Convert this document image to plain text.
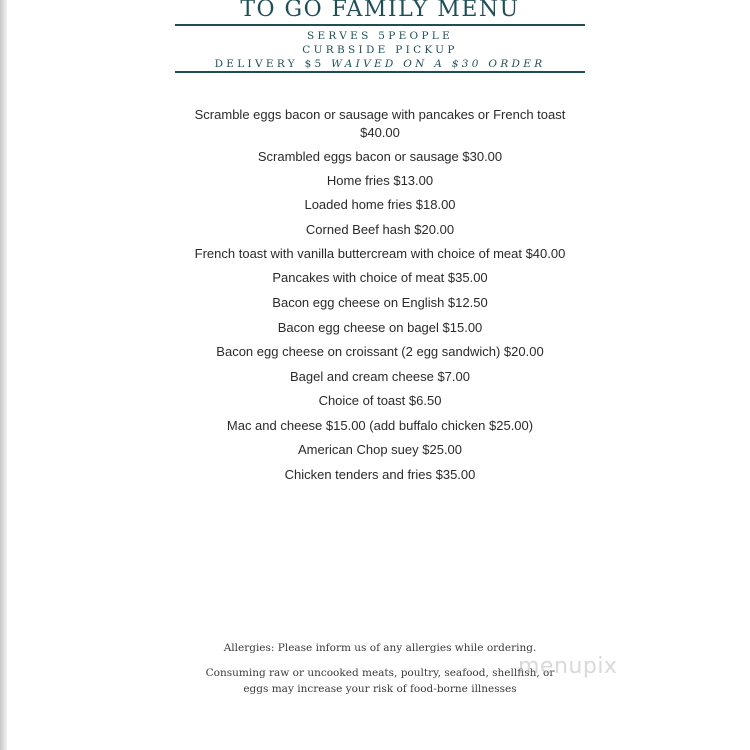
TO GO FAMILY MENU
SERVES 5PEOPLE
CURBSIDE PICKUP
DELIVERY $5 WAIVED ON A $30 ORDER

Scramble eggs bacon or sausage with pancakes or French toast $40.00

Scrambled eggs bacon or sausage $30.00

Home fries $13.00

Loaded home fries $18.00

Corned Beef hash $20.00

French toast with vanilla buttercream with choice of meat $40.00

Pancakes with choice of meat $35.00

Bacon egg cheese on English $12.50

Bacon egg cheese on bagel $15.00

Bacon egg cheese on croissant (2 egg sandwich) $20.00

Bagel and cream cheese $7.00

Choice of toast $6.50

Mac and cheese $15.00 (add buffalo chicken $25.00)

American Chop suey $25.00

Chicken tenders and fries $35.00

Allergies: Please inform us of any allergies while ordering.
Consuming raw or uncooked meats, poultry, seafood, shellfish, or eggs may increase your risk of food-borne illnesses
menupix
